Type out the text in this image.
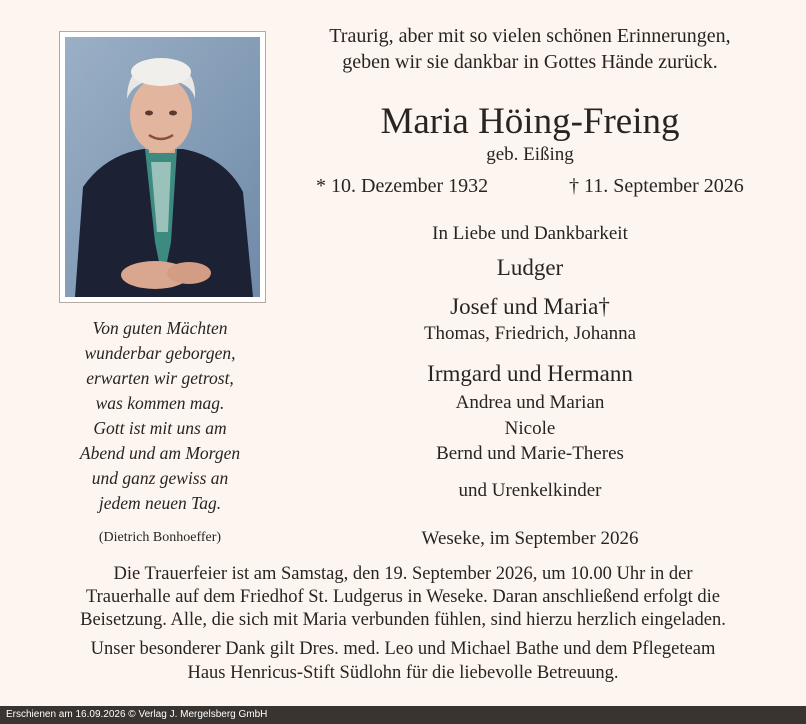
Traurig, aber mit so vielen schönen Erinnerungen,
geben wir sie dankbar in Gottes Hände zurück.
Maria Höing-Freing
geb. Eißing
* 10. Dezember 1932	† 11. September 2026
In Liebe und Dankbarkeit
Ludger
Josef und Maria†
Thomas, Friedrich, Johanna
Irmgard und Hermann
Andrea und Marian
Nicole
Bernd und Marie-Theres
und Urenkelkinder
Von guten Mächten
wunderbar geborgen,
erwarten wir getrost,
was kommen mag.
Gott ist mit uns am
Abend und am Morgen
und ganz gewiss an
jedem neuen Tag.
(Dietrich Bonhoeffer)	Weseke, im September 2026
Die Trauerfeier ist am Samstag, den 19. September 2026, um 10.00 Uhr in der
Trauerhalle auf dem Friedhof St. Ludgerus in Weseke. Daran anschließend erfolgt die
Beisetzung. Alle, die sich mit Maria verbunden fühlen, sind hierzu herzlich eingeladen.
Unser besonderer Dank gilt Dres. med. Leo und Michael Bathe und dem Pflegeteam
Haus Henricus-Stift Südlohn für die liebevolle Betreuung.
Erschienen am 16.09.2026 © Verlag J. Mergelsberg GmbH
